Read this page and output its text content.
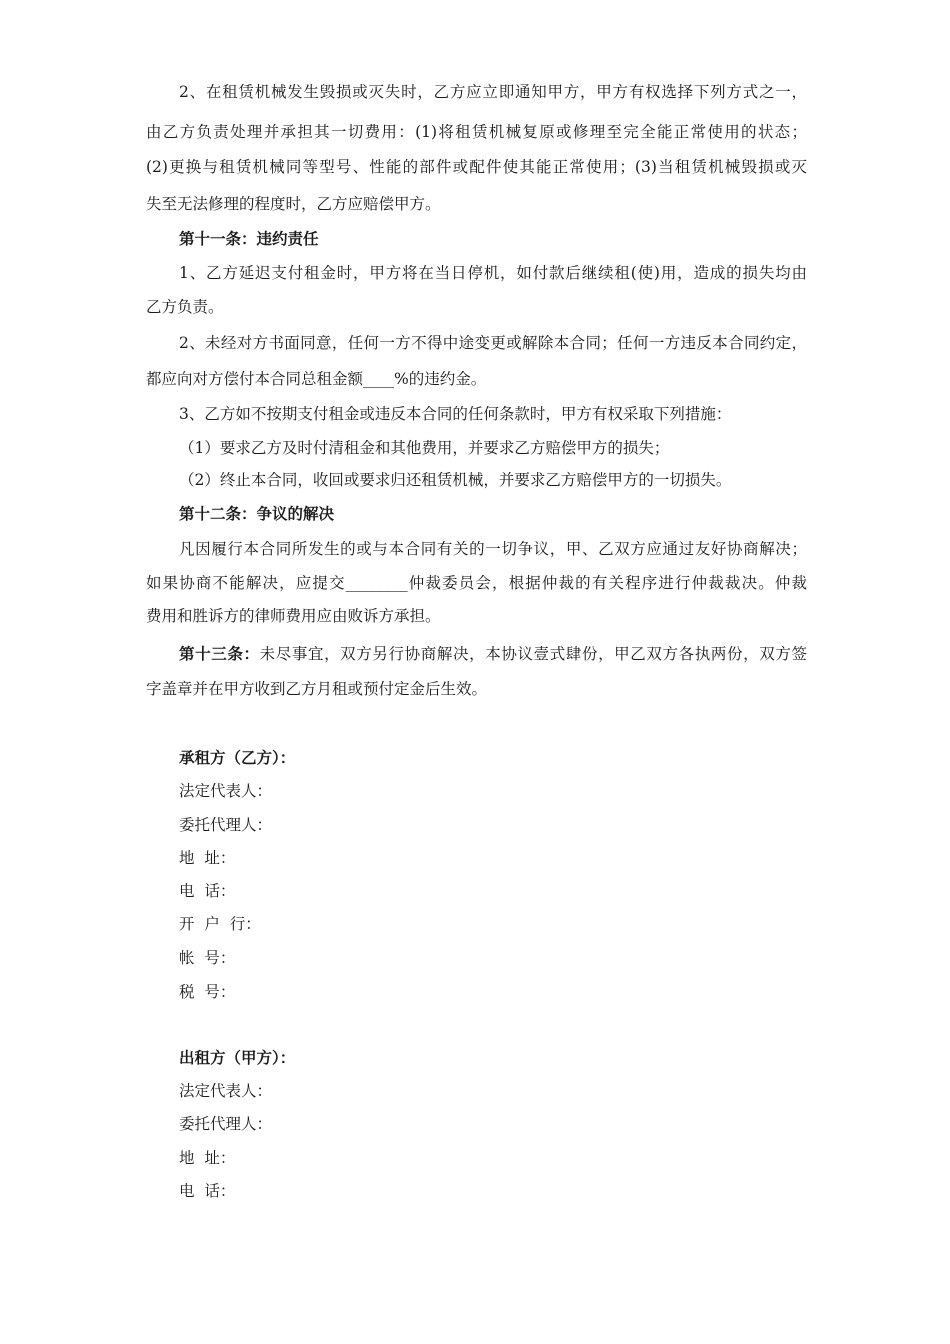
2、在租赁机械发生毁损或灭失时，乙方应立即通知甲方，甲方有权选择下列方式之一，
由乙方负责处理并承担其一切费用：(1)将租赁机械复原或修理至完全能正常使用的状态；
(2)更换与租赁机械同等型号、性能的部件或配件使其能正常使用；(3)当租赁机械毁损或灭
失至无法修理的程度时，乙方应赔偿甲方。
第十一条：违约责任
1、乙方延迟支付租金时，甲方将在当日停机，如付款后继续租(使)用，造成的损失均由
乙方负责。
2、未经对方书面同意，任何一方不得中途变更或解除本合同；任何一方违反本合同约定，
都应向对方偿付本合同总租金额____%的违约金。
3、乙方如不按期支付租金或违反本合同的任何条款时，甲方有权采取下列措施：
（1）要求乙方及时付清租金和其他费用，并要求乙方赔偿甲方的损失；
（2）终止本合同，收回或要求归还租赁机械，并要求乙方赔偿甲方的一切损失。
第十二条：争议的解决
凡因履行本合同所发生的或与本合同有关的一切争议，甲、乙双方应通过友好协商解决；
如果协商不能解决，应提交________仲裁委员会，根据仲裁的有关程序进行仲裁裁决。仲裁
费用和胜诉方的律师费用应由败诉方承担。
第十三条：未尽事宜，双方另行协商解决，本协议壹式肆份，甲乙双方各执两份，双方签
字盖章并在甲方收到乙方月租或预付定金后生效。
承租方（乙方）：
法定代表人：
委托代理人：
地  址：
电  话：
开  户  行：
帐  号：
税  号：
出租方（甲方）：
法定代表人：
委托代理人：
地  址：
电  话：
